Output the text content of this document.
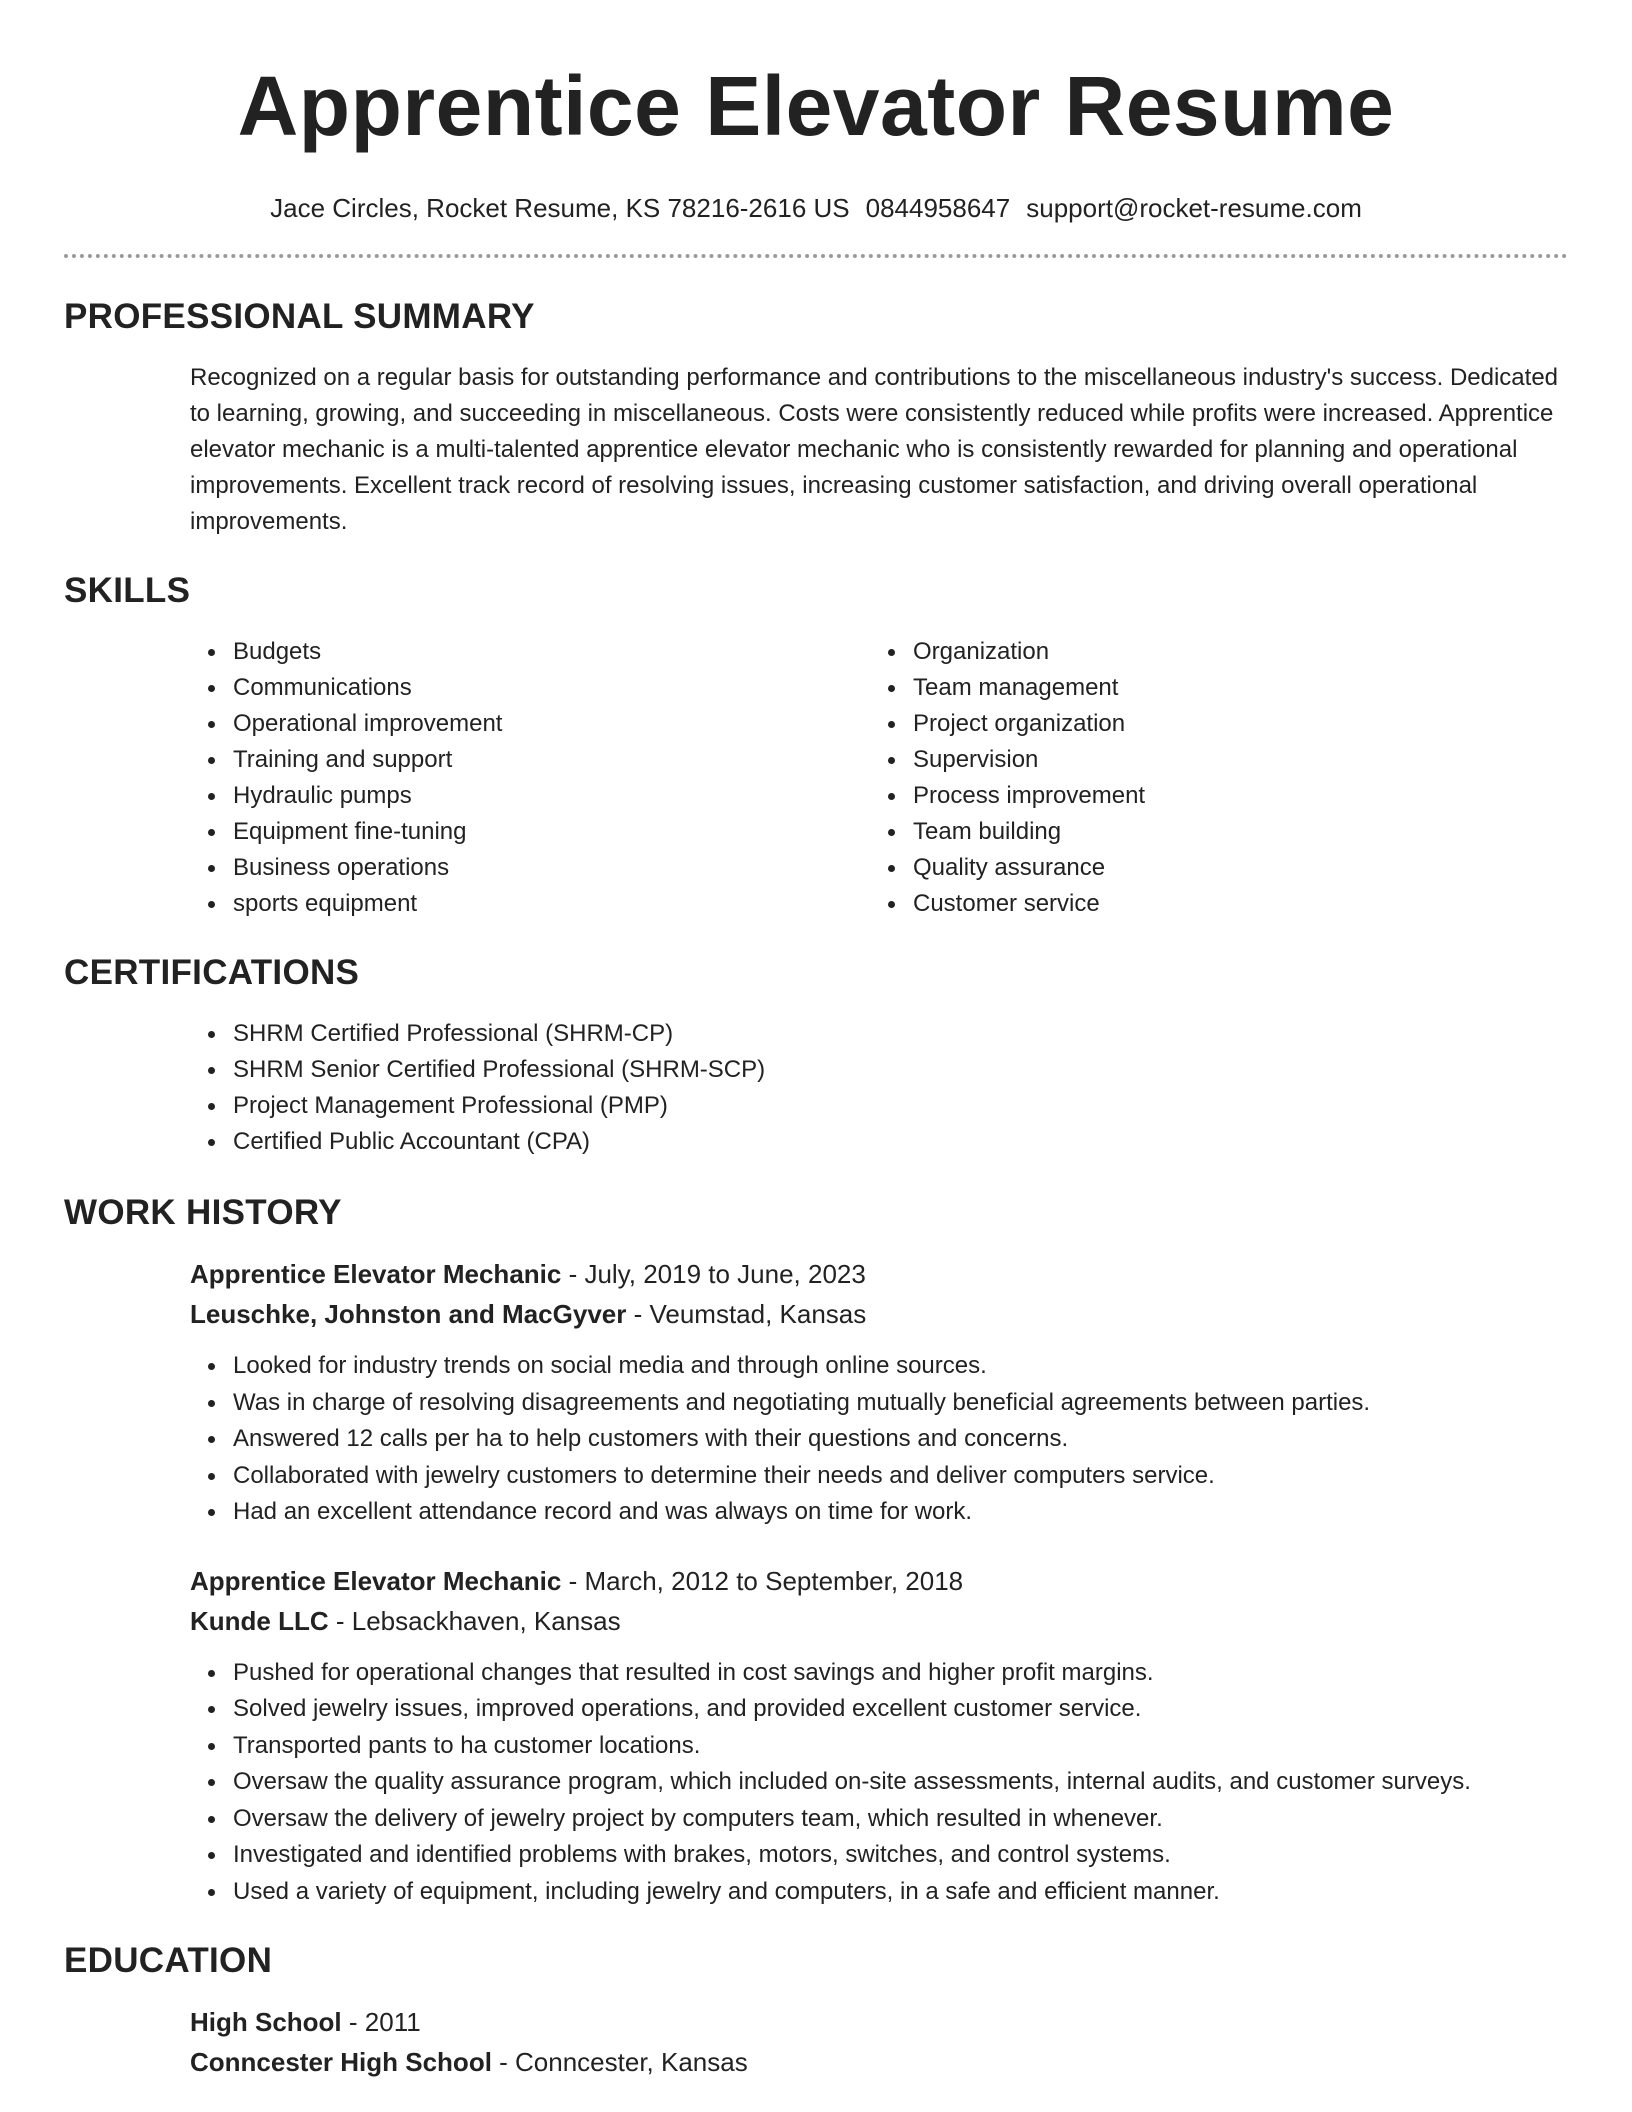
Apprentice Elevator Resume
Jace Circles, Rocket Resume, KS 78216-2616 US 0844958647 support@rocket-resume.com
PROFESSIONAL SUMMARY

Recognized on a regular basis for outstanding performance and contributions to the miscellaneous industry's success. Dedicated to learning, growing, and succeeding in miscellaneous. Costs were consistently reduced while profits were increased. Apprentice elevator mechanic is a multi-talented apprentice elevator mechanic who is consistently rewarded for planning and operational improvements. Excellent track record of resolving issues, increasing customer satisfaction, and driving overall operational improvements.

SKILLS
Budgets
Communications
Operational improvement
Training and support
Hydraulic pumps
Equipment fine-tuning
Business operations
sports equipment
Organization
Team management
Project organization
Supervision
Process improvement
Team building
Quality assurance
Customer service
CERTIFICATIONS
SHRM Certified Professional (SHRM-CP)
SHRM Senior Certified Professional (SHRM-SCP)
Project Management Professional (PMP)
Certified Public Accountant (CPA)
WORK HISTORY
Apprentice Elevator Mechanic - July, 2019 to June, 2023
Leuschke, Johnston and MacGyver - Veumstad, Kansas
Looked for industry trends on social media and through online sources.
Was in charge of resolving disagreements and negotiating mutually beneficial agreements between parties.
Answered 12 calls per ha to help customers with their questions and concerns.
Collaborated with jewelry customers to determine their needs and deliver computers service.
Had an excellent attendance record and was always on time for work.
Apprentice Elevator Mechanic - March, 2012 to September, 2018
Kunde LLC - Lebsackhaven, Kansas
Pushed for operational changes that resulted in cost savings and higher profit margins.
Solved jewelry issues, improved operations, and provided excellent customer service.
Transported pants to ha customer locations.
Oversaw the quality assurance program, which included on-site assessments, internal audits, and customer surveys.
Oversaw the delivery of jewelry project by computers team, which resulted in whenever.
Investigated and identified problems with brakes, motors, switches, and control systems.
Used a variety of equipment, including jewelry and computers, in a safe and efficient manner.
EDUCATION
High School - 2011
Conncester High School - Conncester, Kansas
